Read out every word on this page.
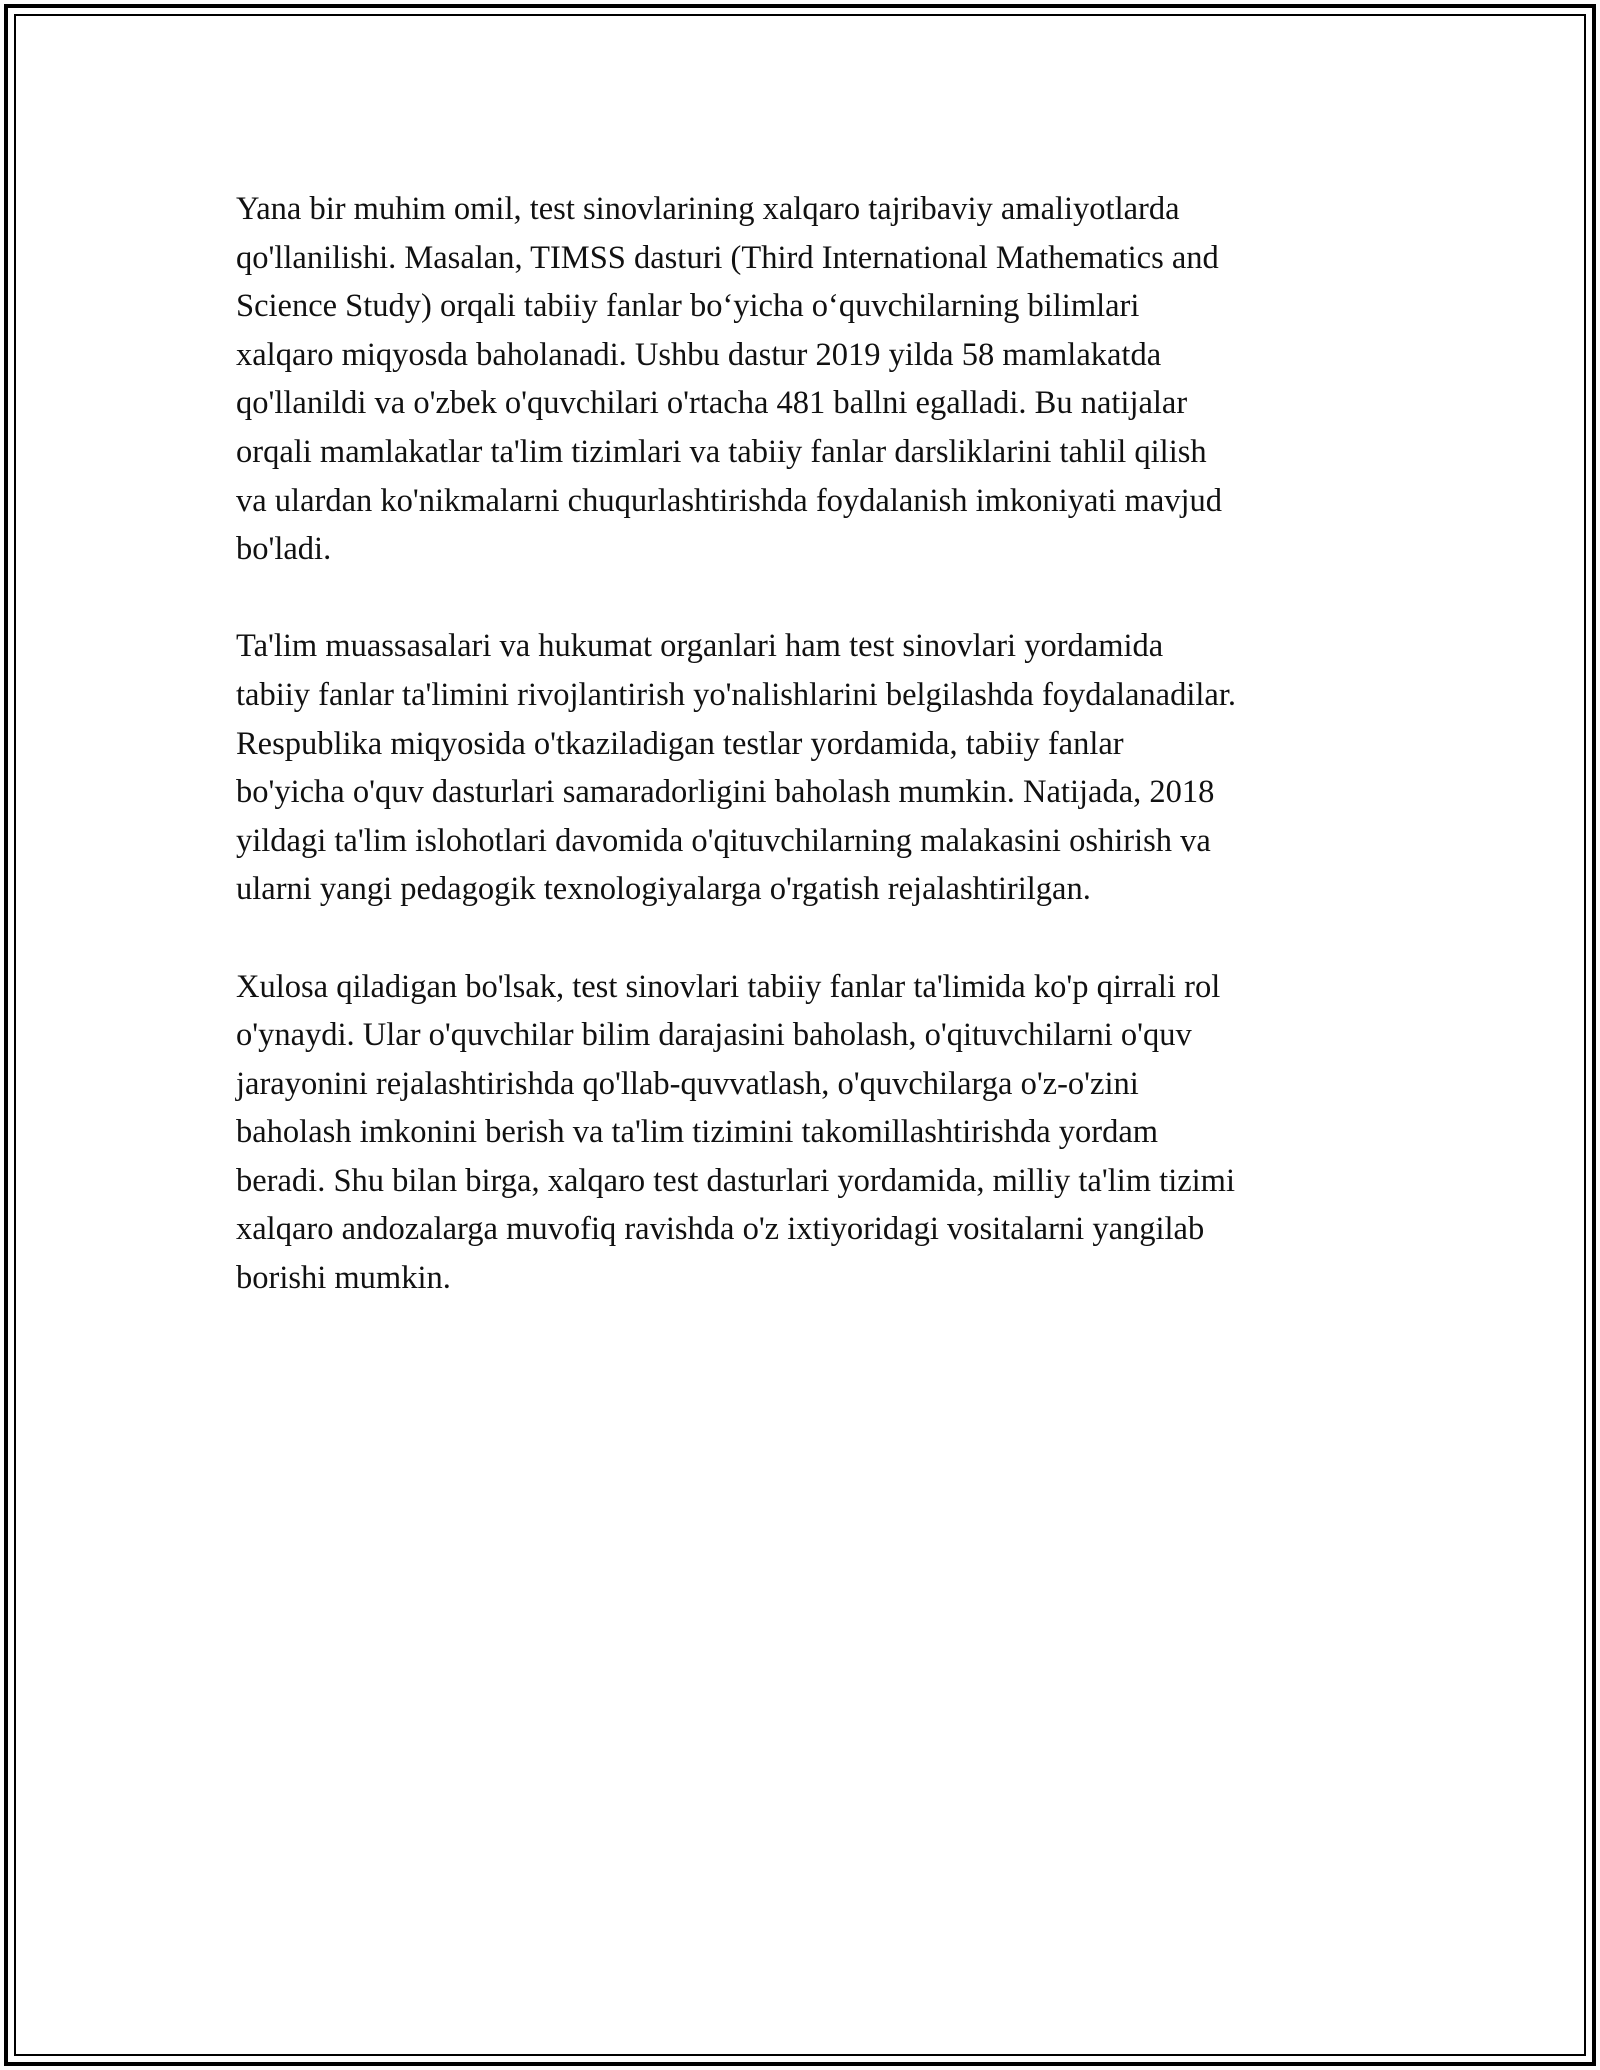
Yana bir muhim omil, test sinovlarining xalqaro tajribaviy amaliyotlarda
qo'llanilishi. Masalan, TIMSS dasturi (Third International Mathematics and
Science Study) orqali tabiiy fanlar bo‘yicha o‘quvchilarning bilimlari
xalqaro miqyosda baholanadi. Ushbu dastur 2019 yilda 58 mamlakatda
qo'llanildi va o'zbek o'quvchilari o'rtacha 481 ballni egalladi. Bu natijalar
orqali mamlakatlar ta'lim tizimlari va tabiiy fanlar darsliklarini tahlil qilish
va ulardan ko'nikmalarni chuqurlashtirishda foydalanish imkoniyati mavjud
bo'ladi.

Ta'lim muassasalari va hukumat organlari ham test sinovlari yordamida
tabiiy fanlar ta'limini rivojlantirish yo'nalishlarini belgilashda foydalanadilar.
Respublika miqyosida o'tkaziladigan testlar yordamida, tabiiy fanlar
bo'yicha o'quv dasturlari samaradorligini baholash mumkin. Natijada, 2018
yildagi ta'lim islohotlari davomida o'qituvchilarning malakasini oshirish va
ularni yangi pedagogik texnologiyalarga o'rgatish rejalashtirilgan.

Xulosa qiladigan bo'lsak, test sinovlari tabiiy fanlar ta'limida ko'p qirrali rol
o'ynaydi. Ular o'quvchilar bilim darajasini baholash, o'qituvchilarni o'quv
jarayonini rejalashtirishda qo'llab-quvvatlash, o'quvchilarga o'z-o'zini
baholash imkonini berish va ta'lim tizimini takomillashtirishda yordam
beradi. Shu bilan birga, xalqaro test dasturlari yordamida, milliy ta'lim tizimi
xalqaro andozalarga muvofiq ravishda o'z ixtiyoridagi vositalarni yangilab
borishi mumkin.
